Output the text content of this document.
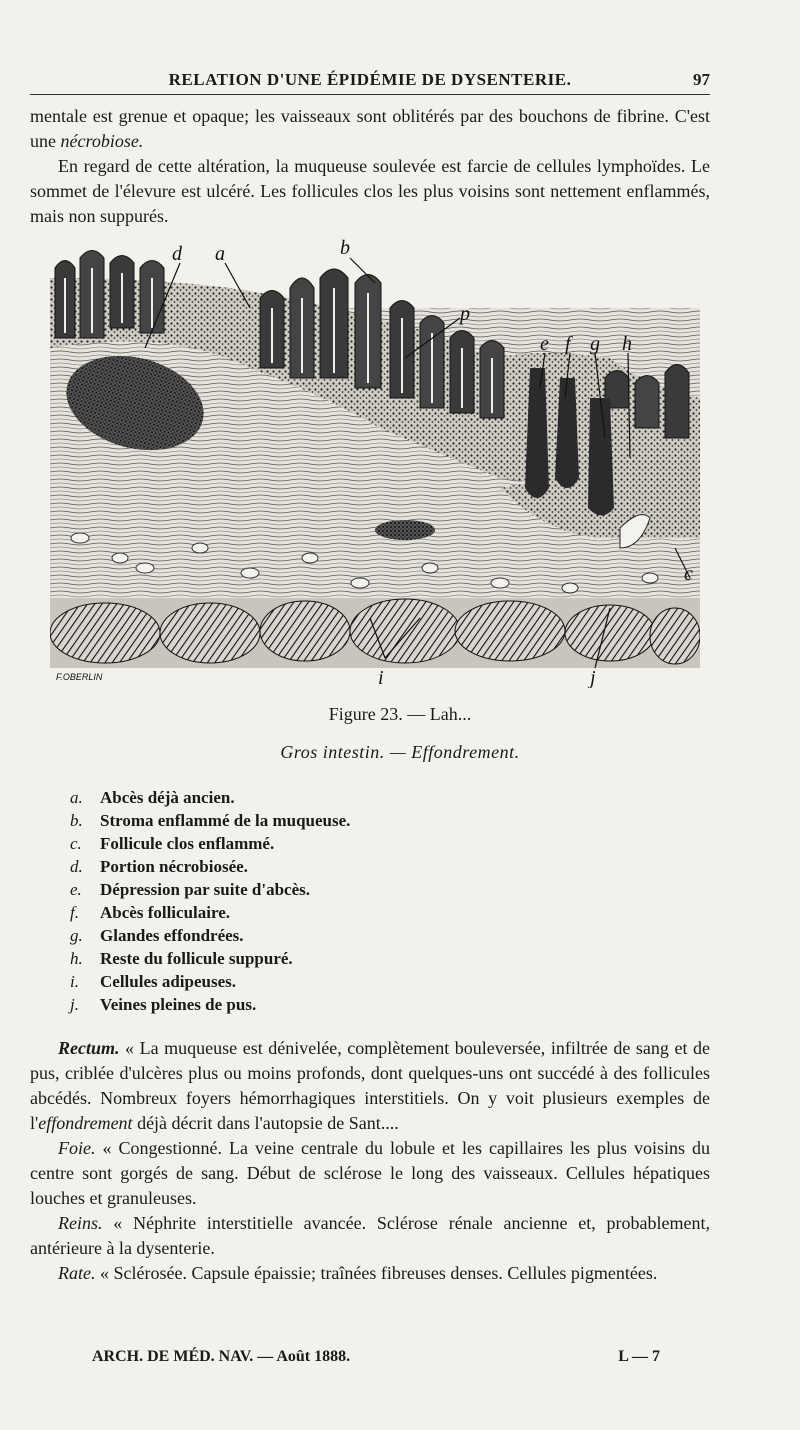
RELATION D'UNE ÉPIDÉMIE DE DYSENTERIE.	97

mentale est grenue et opaque; les vaisseaux sont oblitérés par des bouchons de fibrine. C'est une nécrobiose.

En regard de cette altération, la muqueuse soulevée est farcie de cellules lymphoïdes. Le sommet de l'élevure est ulcéré. Les follicules clos les plus voisins sont nettement enflammés, mais non suppurés.

d a	b
p
e f g h
c
i	j
F.OBERLIN
Figure 23. — Lah...
Gros intestin. — Effondrement.
a.	Abcès déjà ancien.
b.	Stroma enflammé de la muqueuse.
c.	Follicule clos enflammé.
d.	Portion nécrobiosée.
e.	Dépression par suite d'abcès.
f.	Abcès folliculaire.
g.	Glandes effondrées.
h.	Reste du follicule suppuré.
i.	Cellules adipeuses.
j.	Veines pleines de pus.

Rectum. « La muqueuse est dénivelée, complètement bouleversée, infiltrée de sang et de pus, criblée d'ulcères plus ou moins profonds, dont quelques-uns ont succédé à des follicules abcédés. Nombreux foyers hémorrhagiques interstitiels. On y voit plusieurs exemples de l'effondrement déjà décrit dans l'autopsie de Sant....

Foie. « Congestionné. La veine centrale du lobule et les capillaires les plus voisins du centre sont gorgés de sang. Début de sclérose le long des vaisseaux. Cellules hépatiques louches et granuleuses.

Reins. « Néphrite interstitielle avancée. Sclérose rénale ancienne et, probablement, antérieure à la dysenterie.

Rate. « Sclérosée. Capsule épaissie; traînées fibreuses denses. Cellules pigmentées.

ARCH. DE MÉD. NAV. — Août 1888.	L — 7
